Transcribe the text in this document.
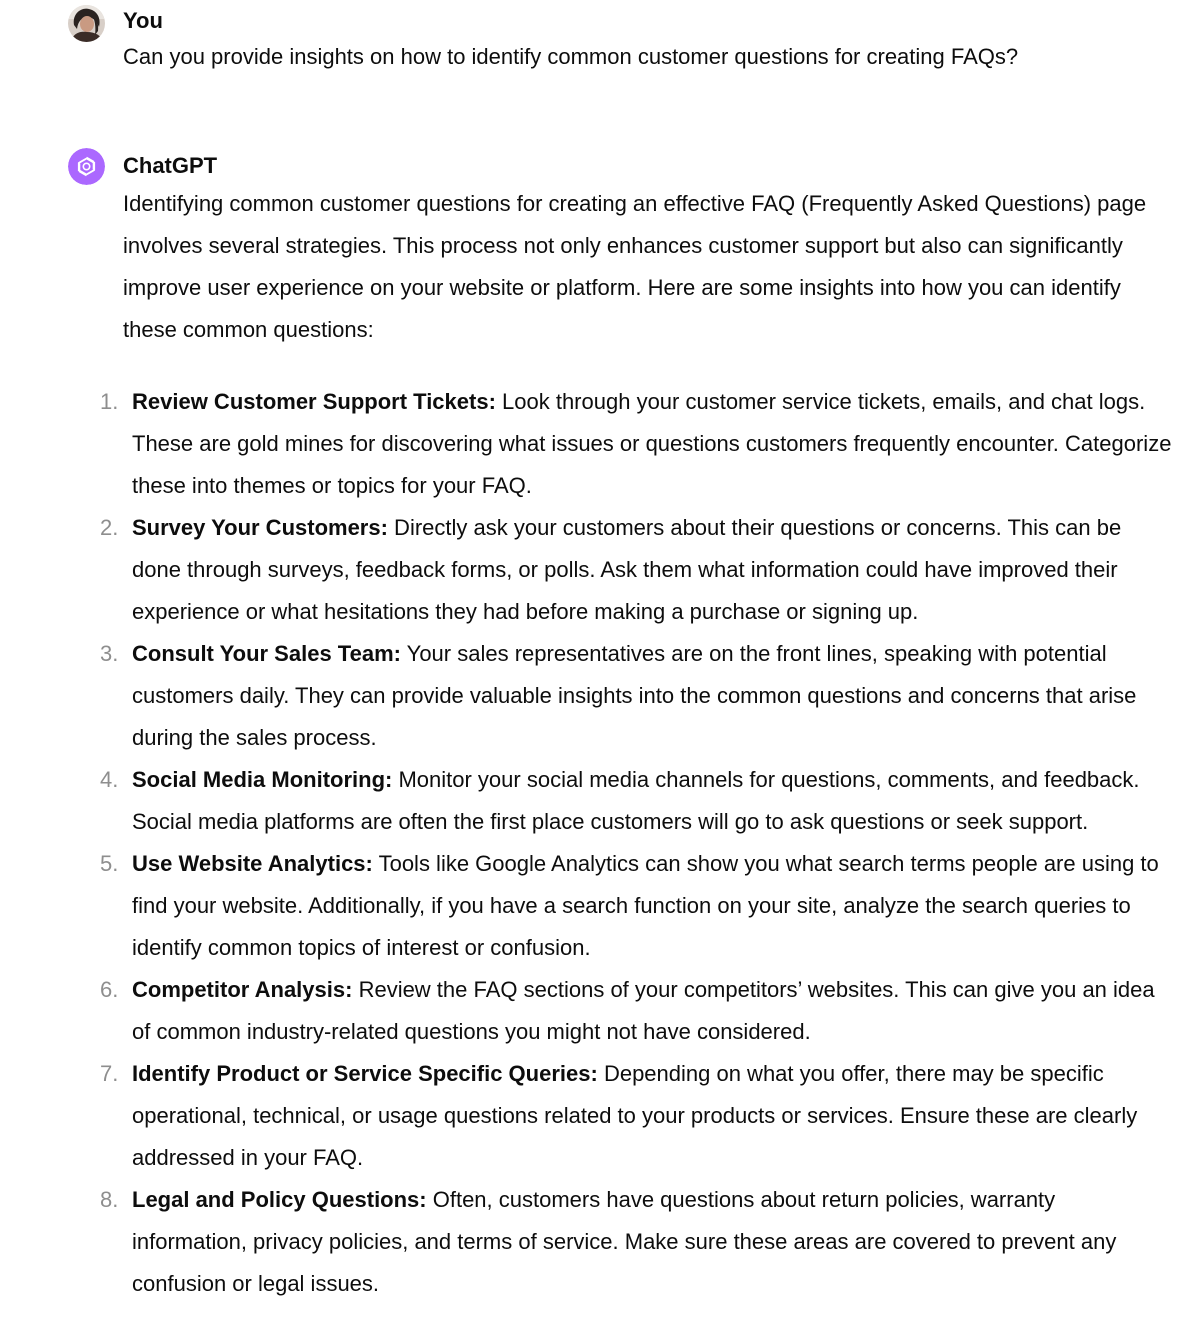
You
Can you provide insights on how to identify common customer questions for creating FAQs?
ChatGPT

Identifying common customer questions for creating an effective FAQ (Frequently Asked Questions) page involves several strategies. This process not only enhances customer support but also can significantly improve user experience on your website or platform. Here are some insights into how you can identify these common questions:

1. Review Customer Support Tickets: Look through your customer service tickets, emails, and chat logs. These are gold mines for discovering what issues or questions customers frequently encounter. Categorize these into themes or topics for your FAQ.
2. Survey Your Customers: Directly ask your customers about their questions or concerns. This can be done through surveys, feedback forms, or polls. Ask them what information could have improved their experience or what hesitations they had before making a purchase or signing up.
3. Consult Your Sales Team: Your sales representatives are on the front lines, speaking with potential customers daily. They can provide valuable insights into the common questions and concerns that arise during the sales process.
4. Social Media Monitoring: Monitor your social media channels for questions, comments, and feedback. Social media platforms are often the first place customers will go to ask questions or seek support.
5. Use Website Analytics: Tools like Google Analytics can show you what search terms people are using to find your website. Additionally, if you have a search function on your site, analyze the search queries to identify common topics of interest or confusion.
6. Competitor Analysis: Review the FAQ sections of your competitors’ websites. This can give you an idea of common industry-related questions you might not have considered.
7. Identify Product or Service Specific Queries: Depending on what you offer, there may be specific operational, technical, or usage questions related to your products or services. Ensure these are clearly addressed in your FAQ.
8. Legal and Policy Questions: Often, customers have questions about return policies, warranty information, privacy policies, and terms of service. Make sure these areas are covered to prevent any confusion or legal issues.
